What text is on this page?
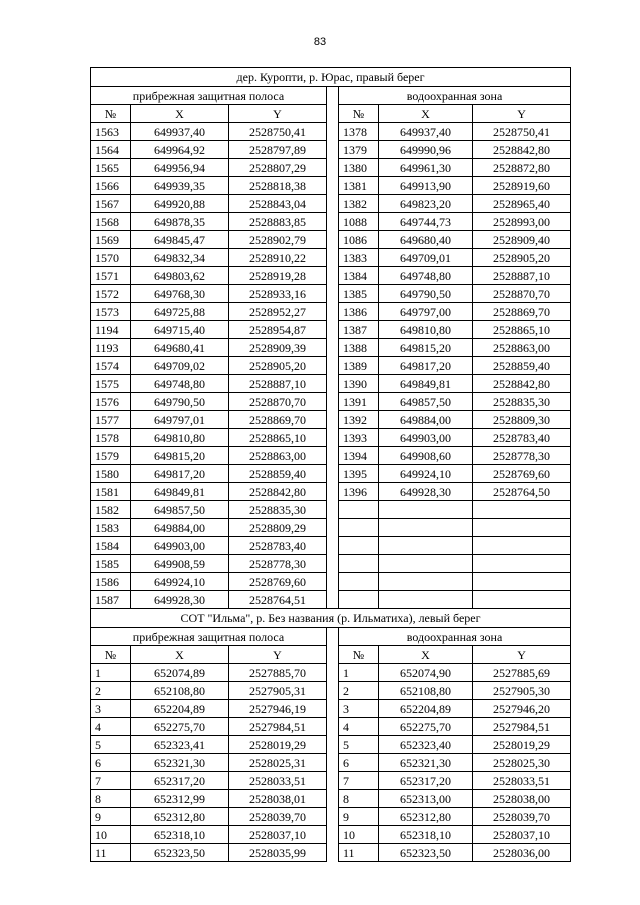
83
дер. Куропти, р. Юрас, правый берег						
прибрежная защитная полоса				водоохранная зона		
№	X	Y		№	X	Y
1563	649937,40	2528750,41		1378	649937,40	2528750,41
1564	649964,92	2528797,89		1379	649990,96	2528842,80
1565	649956,94	2528807,29		1380	649961,30	2528872,80
1566	649939,35	2528818,38		1381	649913,90	2528919,60
1567	649920,88	2528843,04		1382	649823,20	2528965,40
1568	649878,35	2528883,85		1088	649744,73	2528993,00
1569	649845,47	2528902,79		1086	649680,40	2528909,40
1570	649832,34	2528910,22		1383	649709,01	2528905,20
1571	649803,62	2528919,28		1384	649748,80	2528887,10
1572	649768,30	2528933,16		1385	649790,50	2528870,70
1573	649725,88	2528952,27		1386	649797,00	2528869,70
1194	649715,40	2528954,87		1387	649810,80	2528865,10
1193	649680,41	2528909,39		1388	649815,20	2528863,00
1574	649709,02	2528905,20		1389	649817,20	2528859,40
1575	649748,80	2528887,10		1390	649849,81	2528842,80
1576	649790,50	2528870,70		1391	649857,50	2528835,30
1577	649797,01	2528869,70		1392	649884,00	2528809,30
1578	649810,80	2528865,10		1393	649903,00	2528783,40
1579	649815,20	2528863,00		1394	649908,60	2528778,30
1580	649817,20	2528859,40		1395	649924,10	2528769,60
1581	649849,81	2528842,80		1396	649928,30	2528764,50
1582	649857,50	2528835,30				
1583	649884,00	2528809,29				
1584	649903,00	2528783,40				
1585	649908,59	2528778,30				
1586	649924,10	2528769,60				
1587	649928,30	2528764,51				
СОТ "Ильма", р. Без названия (р. Ильматиха), левый берег						
прибрежная защитная полоса				водоохранная зона		
№	X	Y		№	X	Y
1	652074,89	2527885,70		1	652074,90	2527885,69
2	652108,80	2527905,31		2	652108,80	2527905,30
3	652204,89	2527946,19		3	652204,89	2527946,20
4	652275,70	2527984,51		4	652275,70	2527984,51
5	652323,41	2528019,29		5	652323,40	2528019,29
6	652321,30	2528025,31		6	652321,30	2528025,30
7	652317,20	2528033,51		7	652317,20	2528033,51
8	652312,99	2528038,01		8	652313,00	2528038,00
9	652312,80	2528039,70		9	652312,80	2528039,70
10	652318,10	2528037,10		10	652318,10	2528037,10
11	652323,50	2528035,99		11	652323,50	2528036,00
